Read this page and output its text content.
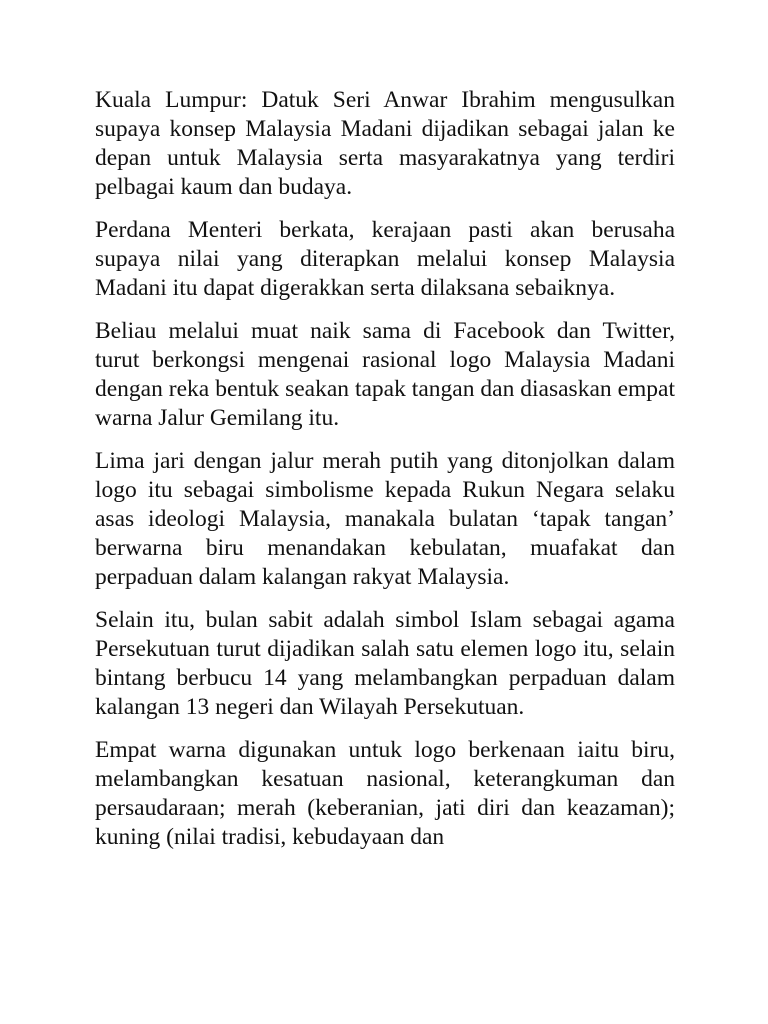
Kuala Lumpur: Datuk Seri Anwar Ibrahim mengusulkan supaya konsep Malaysia Madani dijadikan sebagai jalan ke depan untuk Malaysia serta masyarakatnya yang terdiri pelbagai kaum dan budaya.

Perdana Menteri berkata, kerajaan pasti akan berusaha supaya nilai yang diterapkan melalui konsep Malaysia Madani itu dapat digerakkan serta dilaksana sebaiknya.

Beliau melalui muat naik sama di Facebook dan Twitter, turut berkongsi mengenai rasional logo Malaysia Madani dengan reka bentuk seakan tapak tangan dan diasaskan empat warna Jalur Gemilang itu.

Lima jari dengan jalur merah putih yang ditonjolkan dalam logo itu sebagai simbolisme kepada Rukun Negara selaku asas ideologi Malaysia, manakala bulatan ‘tapak tangan’ berwarna biru menandakan kebulatan, muafakat dan perpaduan dalam kalangan rakyat Malaysia.

Selain itu, bulan sabit adalah simbol Islam sebagai agama Persekutuan turut dijadikan salah satu elemen logo itu, selain bintang berbucu 14 yang melambangkan perpaduan dalam kalangan 13 negeri dan Wilayah Persekutuan.

Empat warna digunakan untuk logo berkenaan iaitu biru, melambangkan kesatuan nasional, keterangkuman dan persaudaraan; merah (keberanian, jati diri dan keazaman); kuning (nilai tradisi, kebudayaan dan
